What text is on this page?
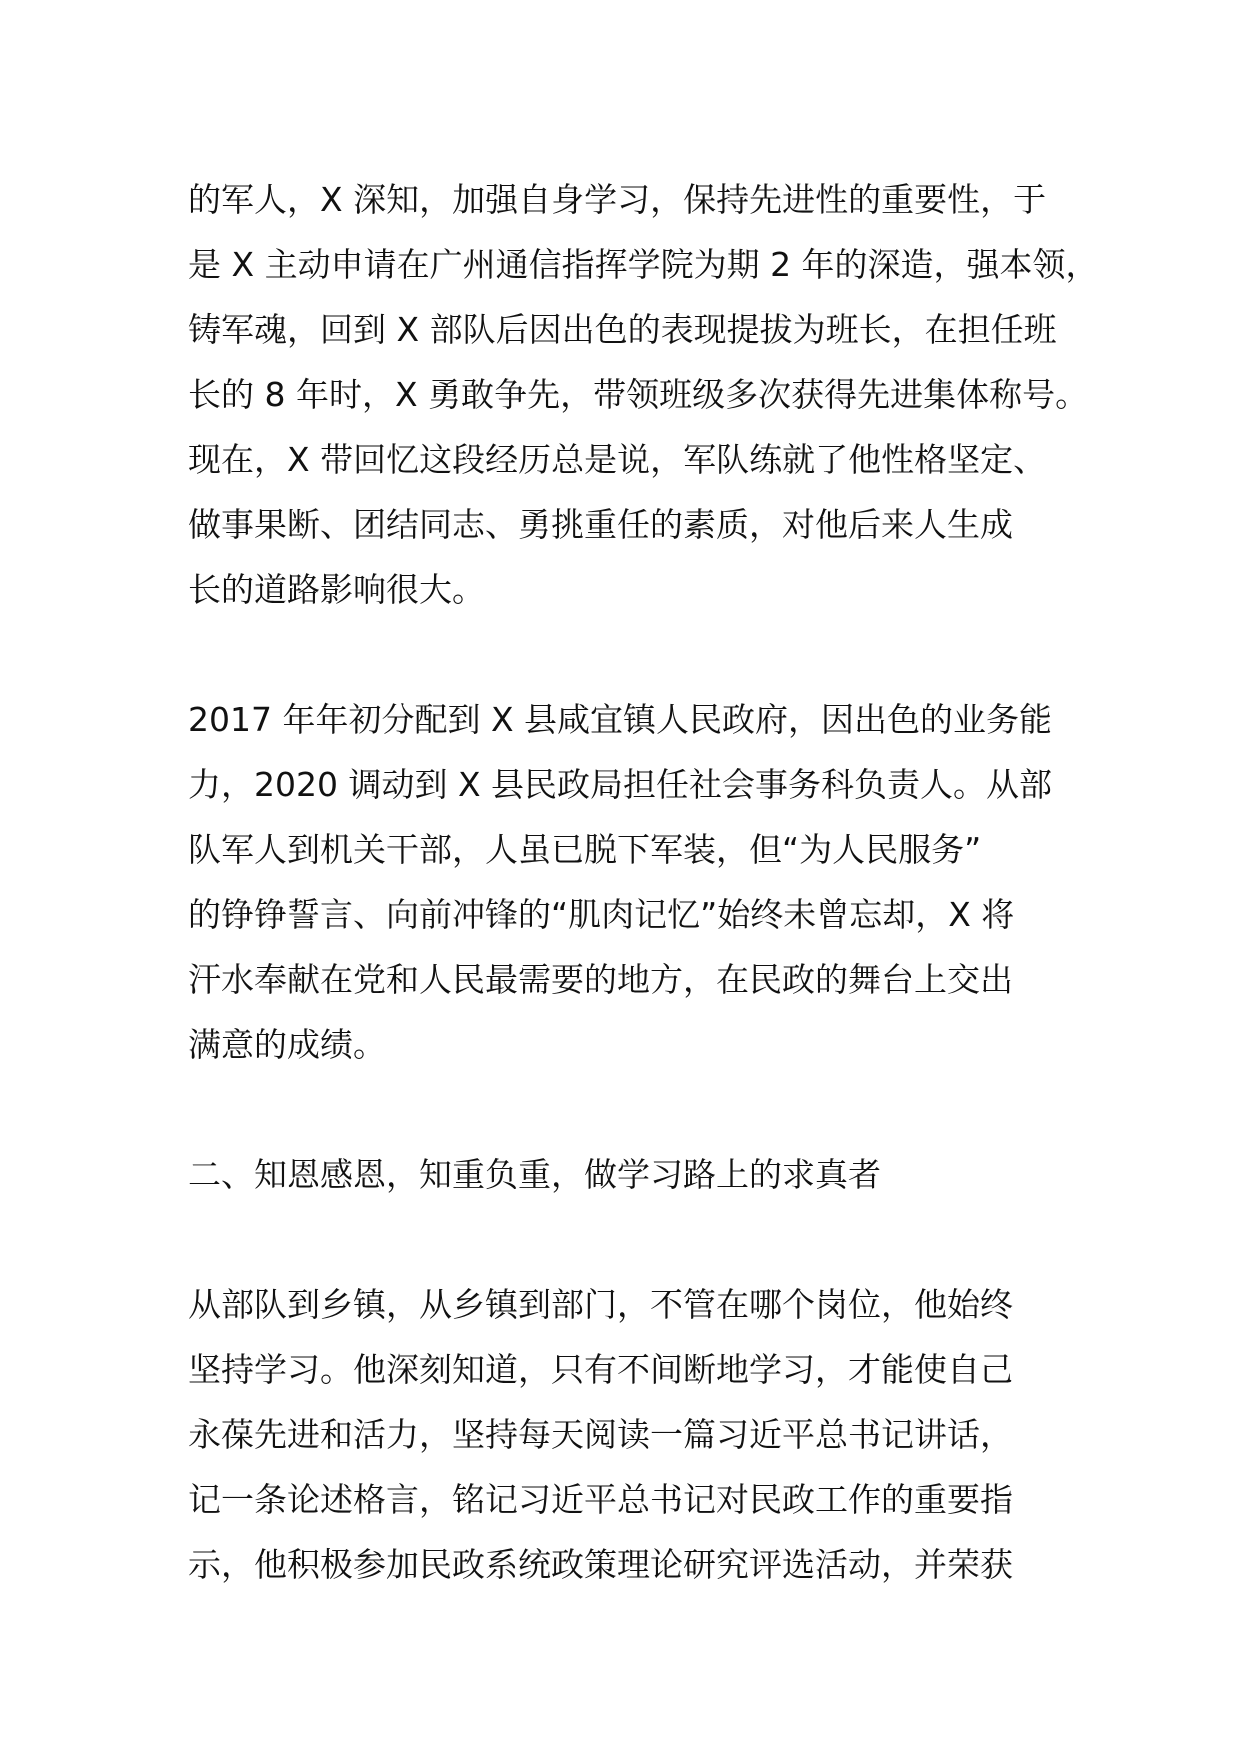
的军人，X 深知，加强自身学习，保持先进性的重要性，于
是 X 主动申请在广州通信指挥学院为期 2 年的深造，强本领，
铸军魂，回到 X 部队后因出色的表现提拔为班长，在担任班
长的 8 年时，X 勇敢争先，带领班级多次获得先进集体称号。
现在，X 带回忆这段经历总是说，军队练就了他性格坚定、
做事果断、团结同志、勇挑重任的素质，对他后来人生成
长的道路影响很大。
2017 年年初分配到 X 县咸宜镇人民政府，因出色的业务能
力，2020 调动到 X 县民政局担任社会事务科负责人。从部
队军人到机关干部，人虽已脱下军装，但“为人民服务”
的铮铮誓言、向前冲锋的“肌肉记忆”始终未曾忘却，X 将
汗水奉献在党和人民最需要的地方，在民政的舞台上交出
满意的成绩。
二、知恩感恩，知重负重，做学习路上的求真者
从部队到乡镇，从乡镇到部门，不管在哪个岗位，他始终
坚持学习。他深刻知道，只有不间断地学习，才能使自己
永葆先进和活力，坚持每天阅读一篇习近平总书记讲话，
记一条论述格言，铭记习近平总书记对民政工作的重要指
示，他积极参加民政系统政策理论研究评选活动，并荣获
